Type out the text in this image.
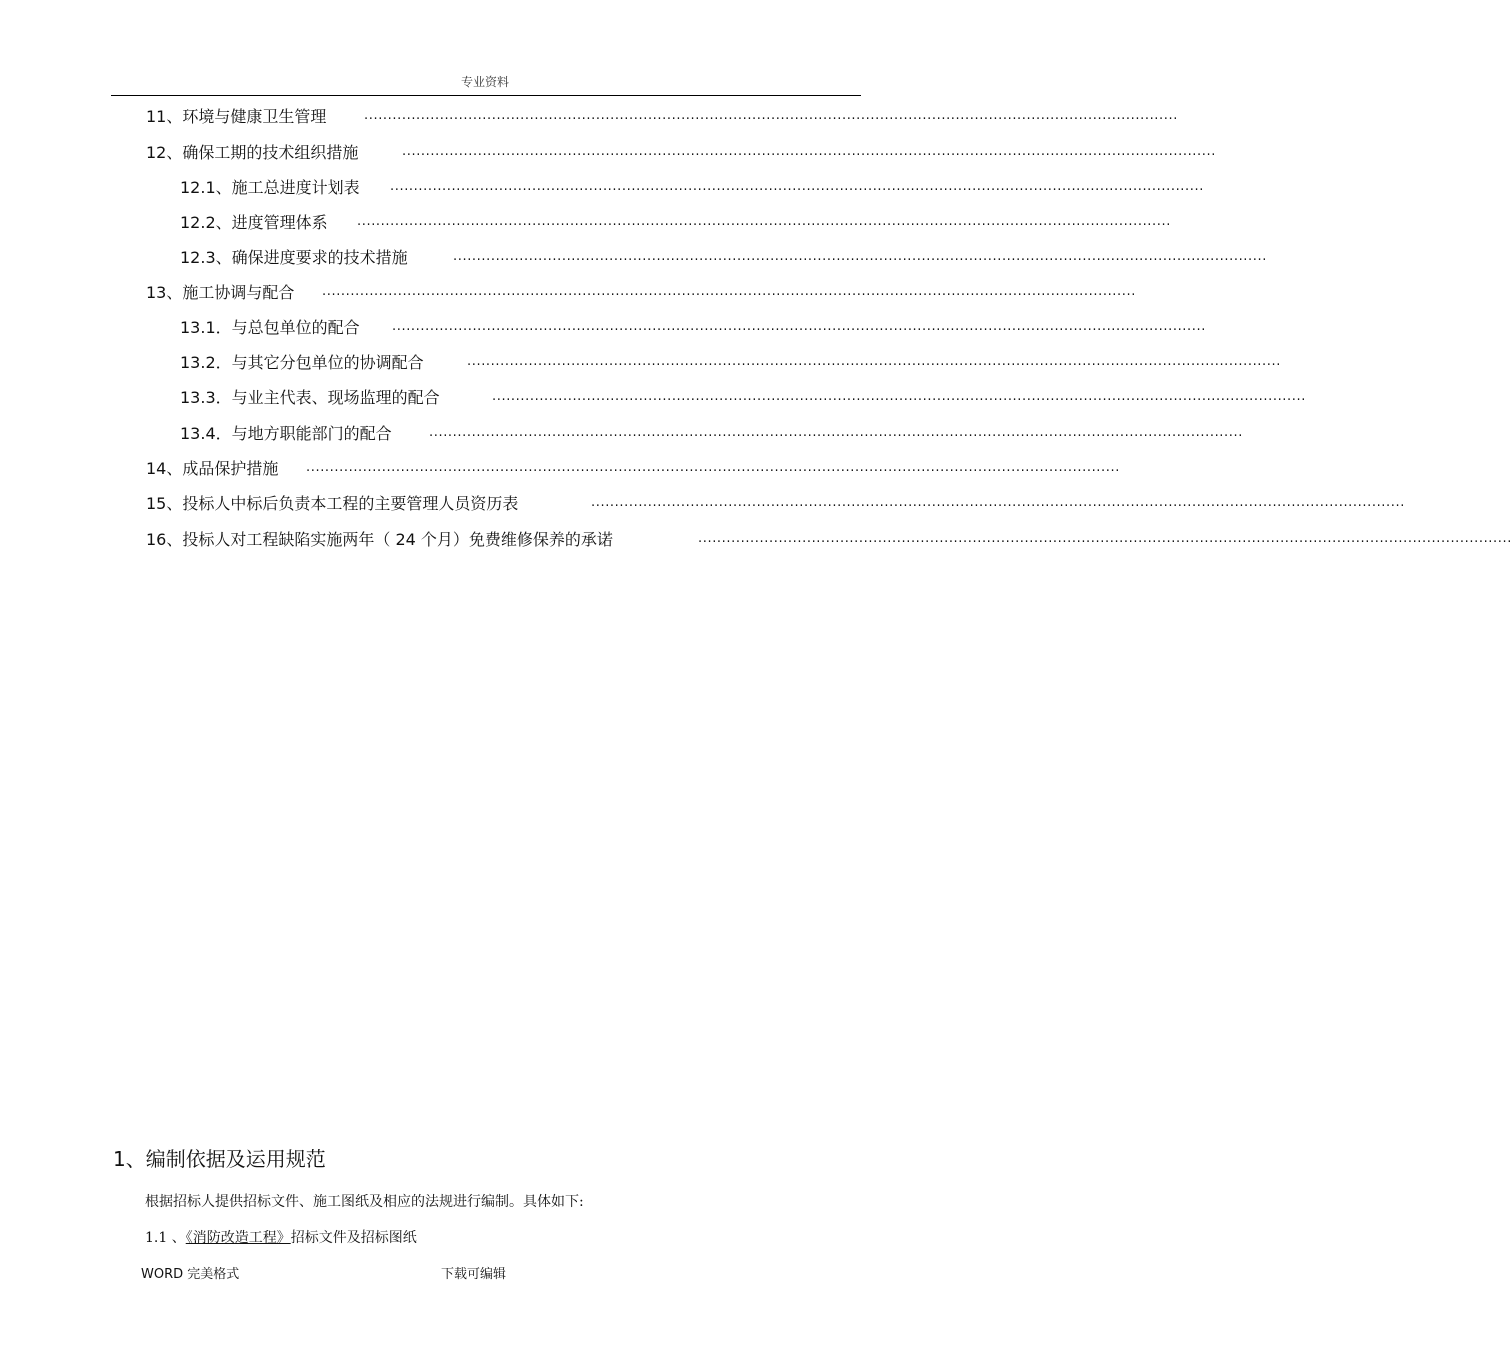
专业资料
11、环境与健康卫生管理	............................................................................................................................................................................
12、确保工期的技术组织措施	............................................................................................................................................................................
12.1、施工总进度计划表 ............................................................................................................................................................................
12.2、进度管理体系 ............................................................................................................................................................................
12.3、确保进度要求的技术措施	............................................................................................................................................................................
13、施工协调与配合 ............................................................................................................................................................................
13.1．与总包单位的配合 ............................................................................................................................................................................
13.2．与其它分包单位的协调配合	............................................................................................................................................................................
13.3．与业主代表、现场监理的配合	............................................................................................................................................................................
13.4．与地方职能部门的配合	............................................................................................................................................................................
14、成品保护措施 ............................................................................................................................................................................
15、投标人中标后负责本工程的主要管理人员资历表	............................................................................................................................................................................
16、投标人对工程缺陷实施两年（ 24 个月）免费维修保养的承诺	............................................................................................................................................................................
1、编制依据及运用规范
根据招标人提供招标文件、施工图纸及相应的法规进行编制。具体如下:
1.1 、《消防改造工程》招标文件及招标图纸
WORD 完美格式	下载可编辑
